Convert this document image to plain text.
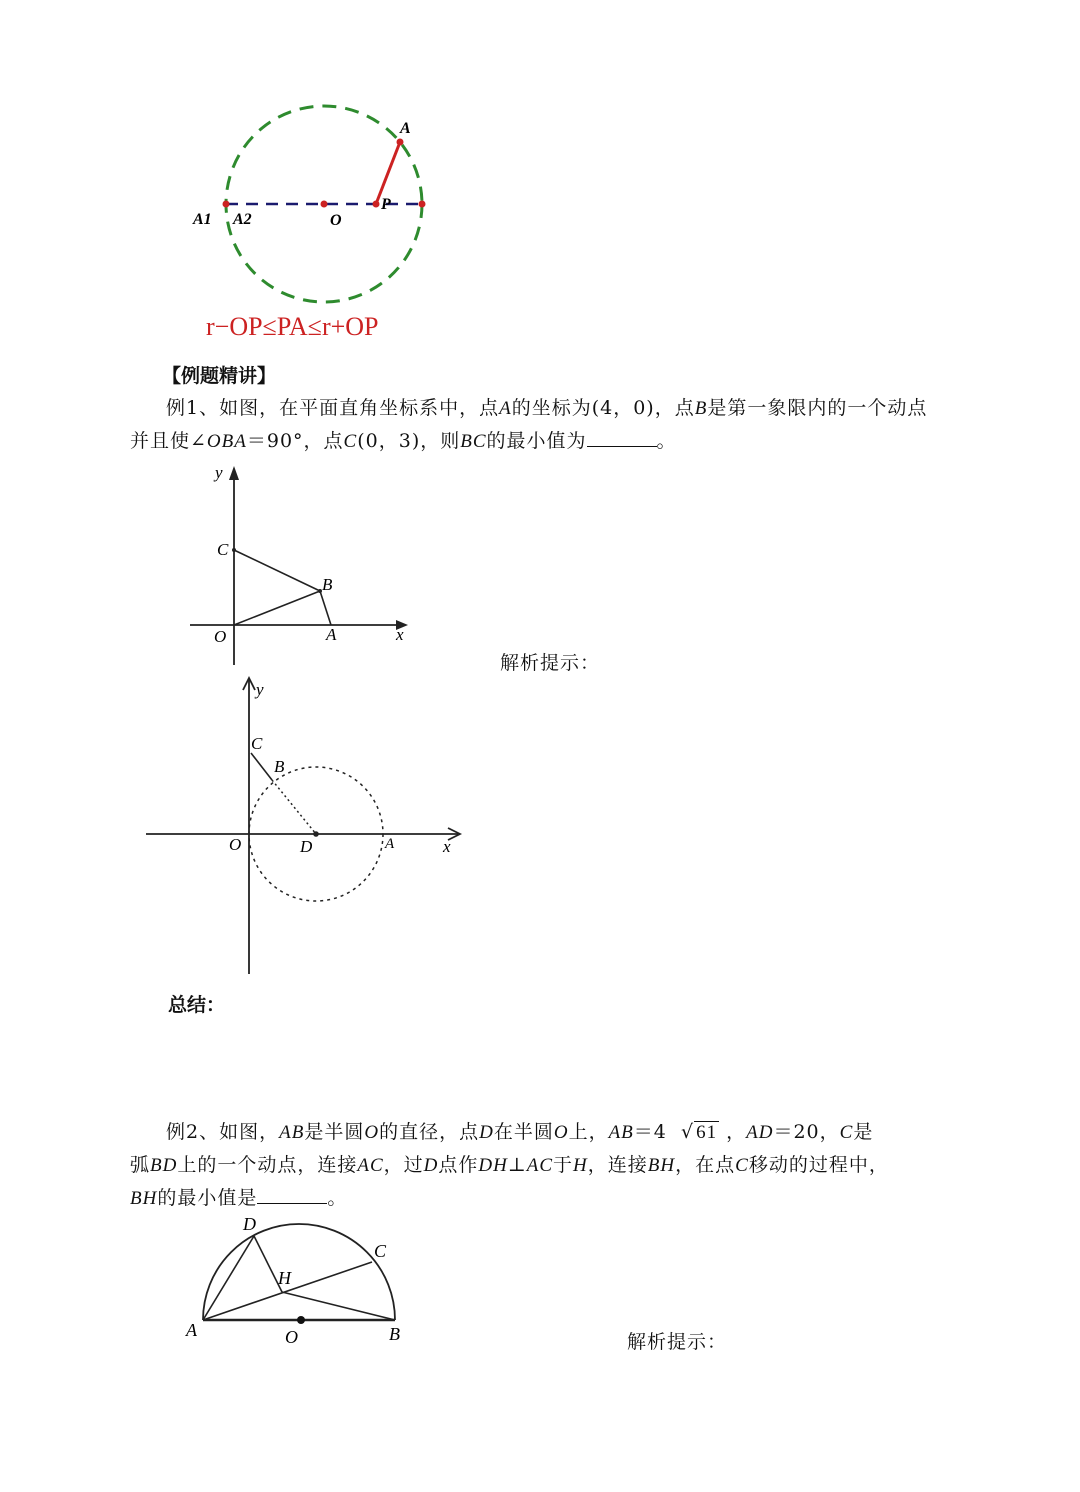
A
A1 A2	O
P
r−OP≤PA≤r+OP
【例题精讲】
例1、如图，在平面直角坐标系中，点A的坐标为(4，0)，点B是第一象限内的一个动点
并且使∠OBA＝90°，点C(0，3)，则BC的最小值为	。
y
C
B
O	A	x
解析提示：
y
C
B
O	D	A	x
总结：
例2、如图，AB是半圆O的直径，点D在半圆O上，AB＝4  √ 61 ，AD＝20，C是
弧BD上的一个动点，连接AC，过D点作DH⊥AC于H，连接BH，在点C移动的过程中，
BH的最小值是	。
D
C
H
A	O	B	解析提示：
